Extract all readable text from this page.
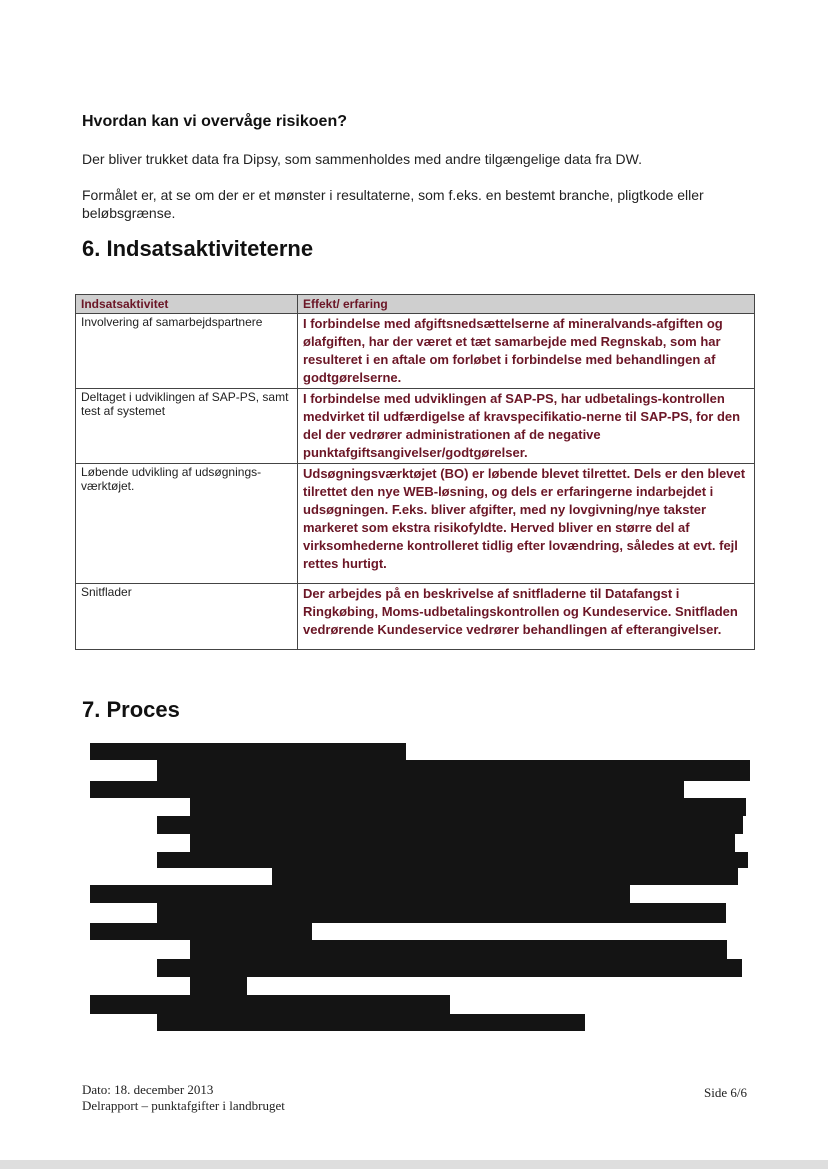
Hvordan kan vi overvåge risikoen?

Der bliver trukket data fra Dipsy, som sammenholdes med andre tilgængelige data fra DW.

Formålet er, at se om der er et mønster i resultaterne, som f.eks. en bestemt branche, pligtkode eller beløbsgrænse.

6. Indsatsaktiviteterne
Indsatsaktivitet	Effekt/ erfaring
Involvering af samarbejdspartnere	I forbindelse med afgiftsnedsættelserne af mineralvands-afgiften og ølafgiften, har der været et tæt samarbejde med Regnskab, som har resulteret i en aftale om forløbet i forbindelse med behandlingen af godtgørelserne.
Deltaget i udviklingen af SAP-PS, samt test af systemet	I forbindelse med udviklingen af SAP-PS, har udbetalings-kontrollen medvirket til udfærdigelse af kravspecifikatio-nerne til SAP-PS, for den del der vedrører administrationen af de negative punktafgiftsangivelser/godtgørelser.
Løbende udvikling af udsøgnings-værktøjet.	Udsøgningsværktøjet (BO) er løbende blevet tilrettet. Dels er den blevet tilrettet den nye WEB-løsning, og dels er erfaringerne indarbejdet i udsøgningen. F.eks. bliver afgifter, med ny lovgivning/nye takster markeret som ekstra risikofyldte. Herved bliver en større del af virksomhederne kontrolleret tidlig efter lovændring, således at evt. fejl rettes hurtigt.
Snitflader	Der arbejdes på en beskrivelse af snitfladerne til Datafangst i Ringkøbing, Moms-udbetalingskontrollen og Kundeservice. Snitfladen vedrørende Kundeservice vedrører behandlingen af efterangivelser.
7. Proces
Dato: 18. december 2013
Delrapport – punktafgifter i landbruget
Side 6/6
